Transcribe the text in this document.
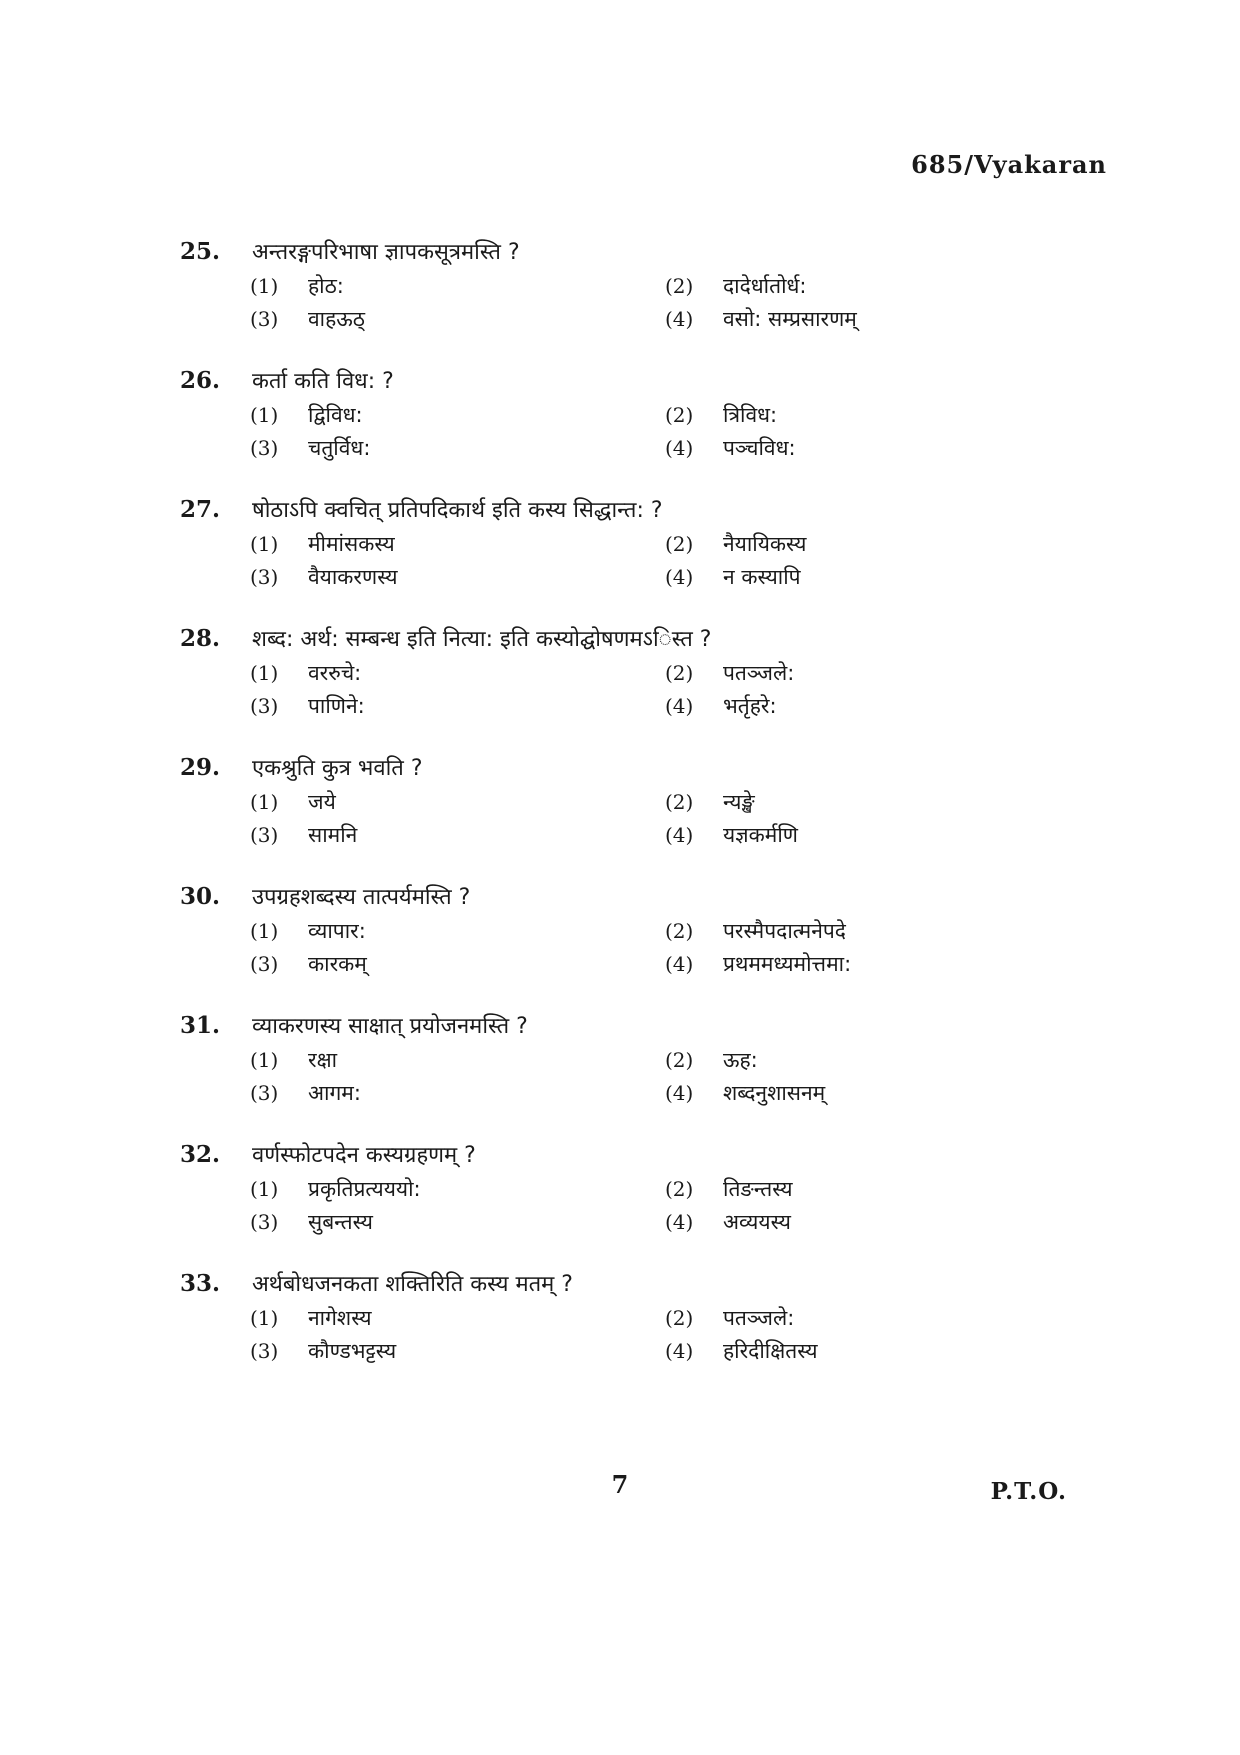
685/Vyakaran
25.	अन्तरङ्गपरिभाषा ज्ञापकसूत्रमस्ति ?
(1)	होठ:	(2)	दादेर्धातोर्ध:
(3)	वाहऊठ्	(4)	वसो: सम्प्रसारणम्
26.	कर्ता कति विध: ?
(1)	द्विविध:	(2)	त्रिविध:
(3)	चतुर्विध:	(4)	पञ्चविध:
27.	षोठाऽपि क्वचित् प्रतिपदिकार्थ इति कस्य सिद्धान्त: ?
(1)	मीमांसकस्य	(2)	नैयायिकस्य
(3)	वैयाकरणस्य	(4)	न कस्यापि
28.	शब्द: अर्थ: सम्बन्ध इति नित्या: इति कस्योद्घोषणमऽिस्त ?
(1)	वररुचे:	(2)	पतञ्जले:
(3)	पाणिने:	(4)	भर्तृहरे:
29.	एकश्रुति कुत्र भवति ?
(1)	जये	(2)	न्यङ्खे
(3)	सामनि	(4)	यज्ञकर्मणि
30.	उपग्रहशब्दस्य तात्पर्यमस्ति ?
(1)	व्यापार:	(2)	परस्मैपदात्मनेपदे
(3)	कारकम्	(4)	प्रथममध्यमोत्तमा:
31.	व्याकरणस्य साक्षात् प्रयोजनमस्ति ?
(1)	रक्षा	(2)	ऊह:
(3)	आगम:	(4)	शब्दनुशासनम्
32.	वर्णस्फोटपदेन कस्यग्रहणम् ?
(1)	प्रकृतिप्रत्यययो:	(2)	तिङन्तस्य
(3)	सुबन्तस्य	(4)	अव्ययस्य
33.	अर्थबोधजनकता शक्तिरिति कस्य मतम् ?
(1)	नागेशस्य	(2)	पतञ्जले:
(3)	कौण्डभट्टस्य	(4)	हरिदीक्षितस्य
7	P.T.O.
